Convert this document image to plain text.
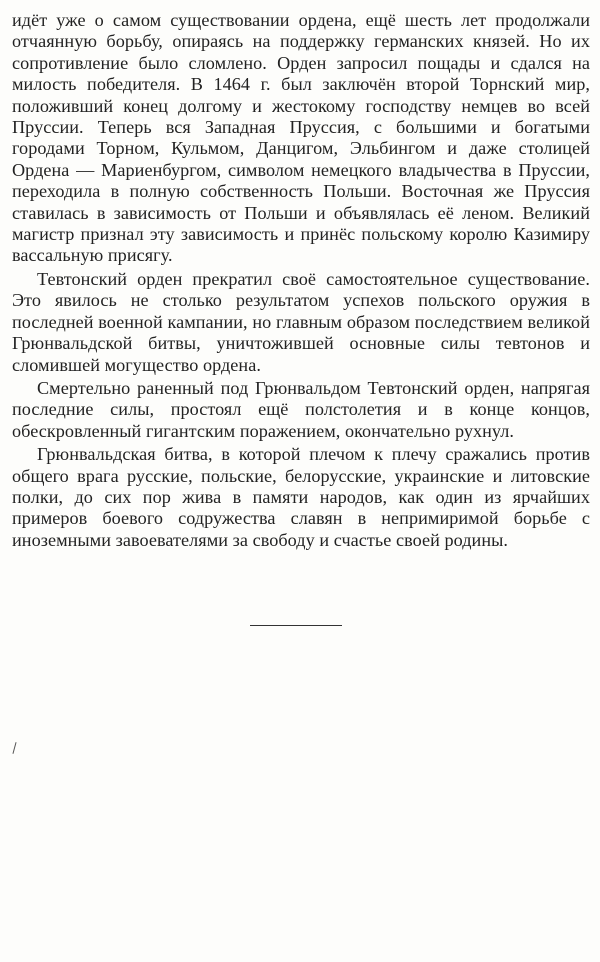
идёт уже о самом существовании ордена, ещё шесть лет продолжали отчаянную борьбу, опираясь на поддержку германских князей. Но их сопротивление было сломлено. Орден запросил пощады и сдался на милость победителя. В 1464 г. был заключён второй Торнский мир, положивший конец долгому и жестокому господству немцев во всей Пруссии. Теперь вся Западная Пруссия, с большими и богатыми городами Торном, Кульмом, Данцигом, Эльбингом и даже столицей Ордена — Мариенбургом, символом немецкого владычества в Пруссии, переходила в полную собственность Польши. Восточная же Пруссия ставилась в зависимость от Польши и объявлялась её леном. Великий магистр признал эту зависимость и принёс польскому королю Казимиру вассальную присягу.

Тевтонский орден прекратил своё самостоятельное существование. Это явилось не столько результатом успехов польского оружия в последней военной кампании, но главным образом последствием великой Грюнвальдской битвы, уничтожившей основные силы тевтонов и сломившей могущество ордена.

Смертельно раненный под Грюнвальдом Тевтонский орден, напрягая последние силы, простоял ещё полстолетия и в конце концов, обескровленный гигантским поражением, окончательно рухнул.

Грюнвальдская битва, в которой плечом к плечу сражались против общего врага русские, польские, белорусские, украинские и литовские полки, до сих пор жива в памяти народов, как один из ярчайших примеров боевого содружества славян в непримиримой борьбе с иноземными завоевателями за свободу и счастье своей родины.
